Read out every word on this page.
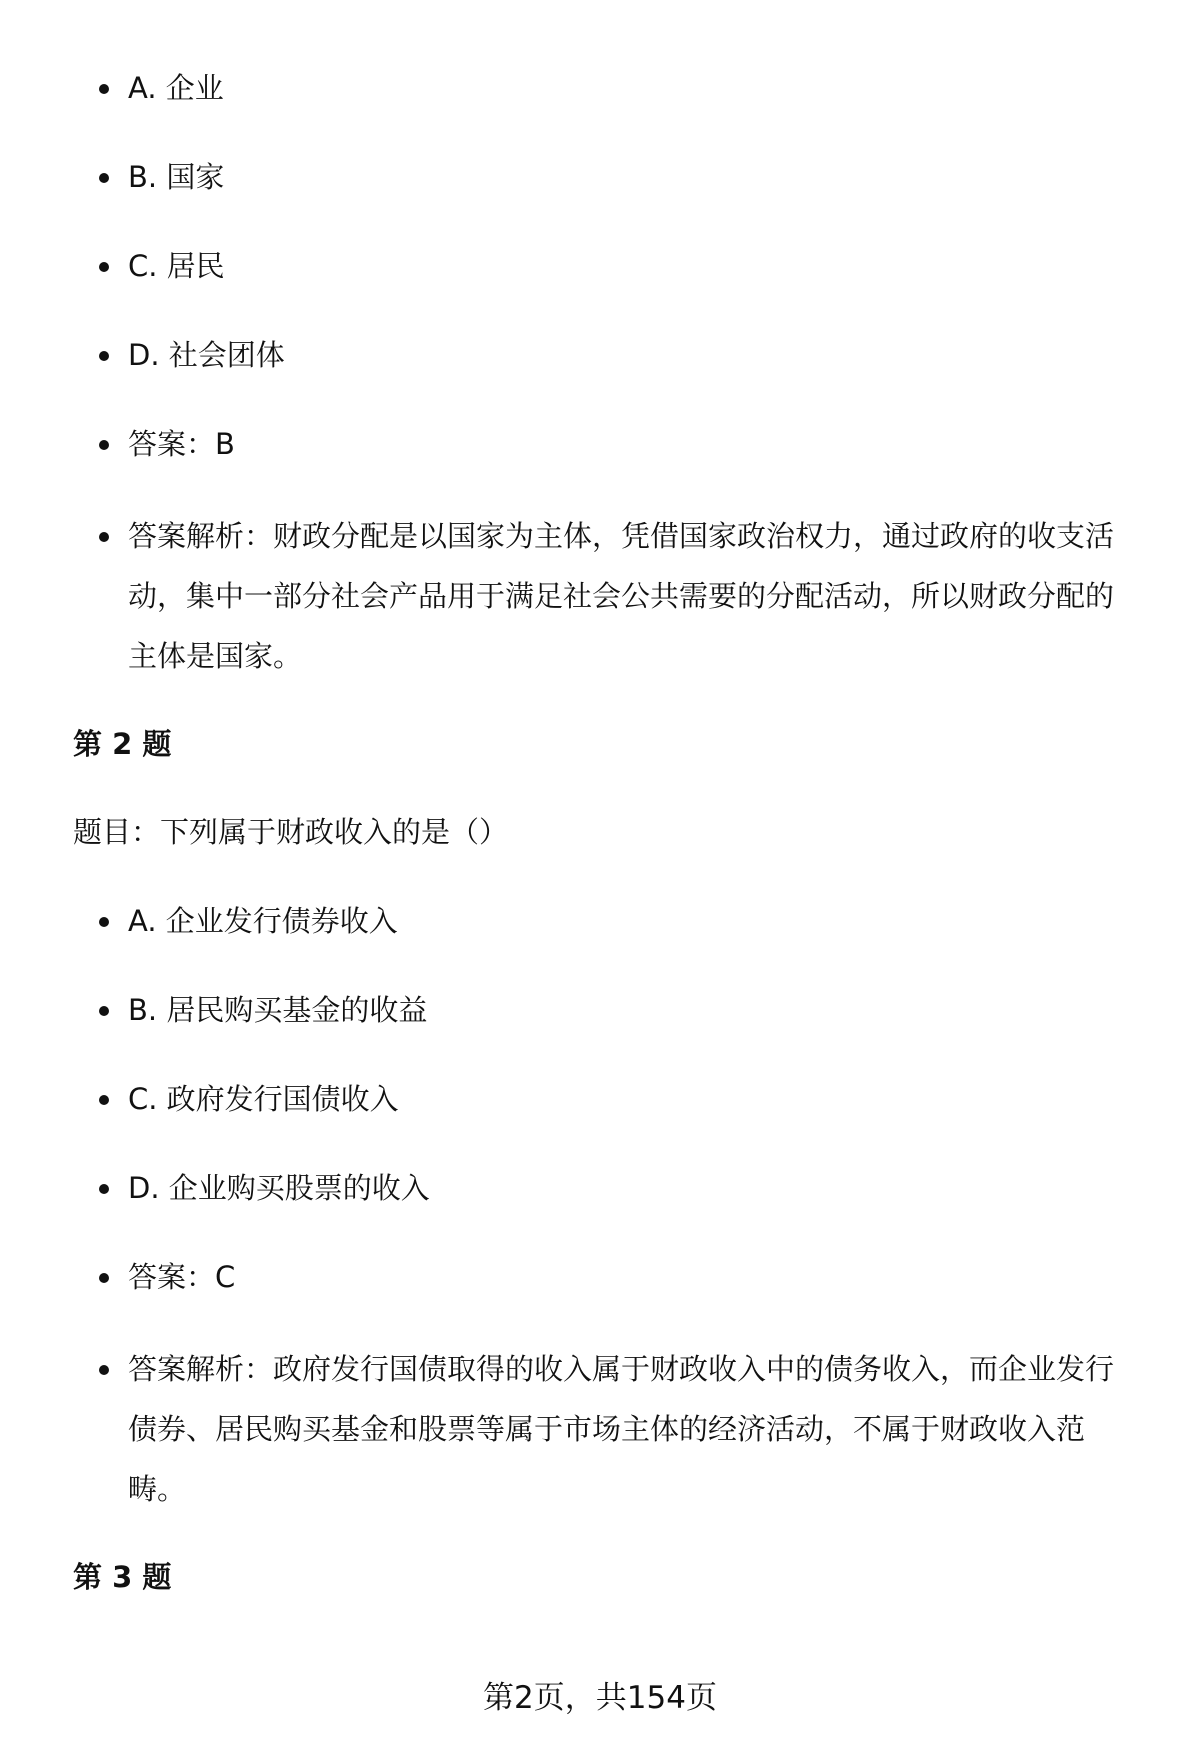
A. 企业
B. 国家
C. 居民
D. 社会团体
答案：B
答案解析：财政分配是以国家为主体，凭借国家政治权力，通过政府的收支活动，集中一部分社会产品用于满足社会公共需要的分配活动，所以财政分配的主体是国家。
第 2 题
题目：下列属于财政收入的是（）
A. 企业发行债券收入
B. 居民购买基金的收益
C. 政府发行国债收入
D. 企业购买股票的收入
答案：C
答案解析：政府发行国债取得的收入属于财政收入中的债务收入，而企业发行债券、居民购买基金和股票等属于市场主体的经济活动，不属于财政收入范畴。
第 3 题
第2页，共154页
